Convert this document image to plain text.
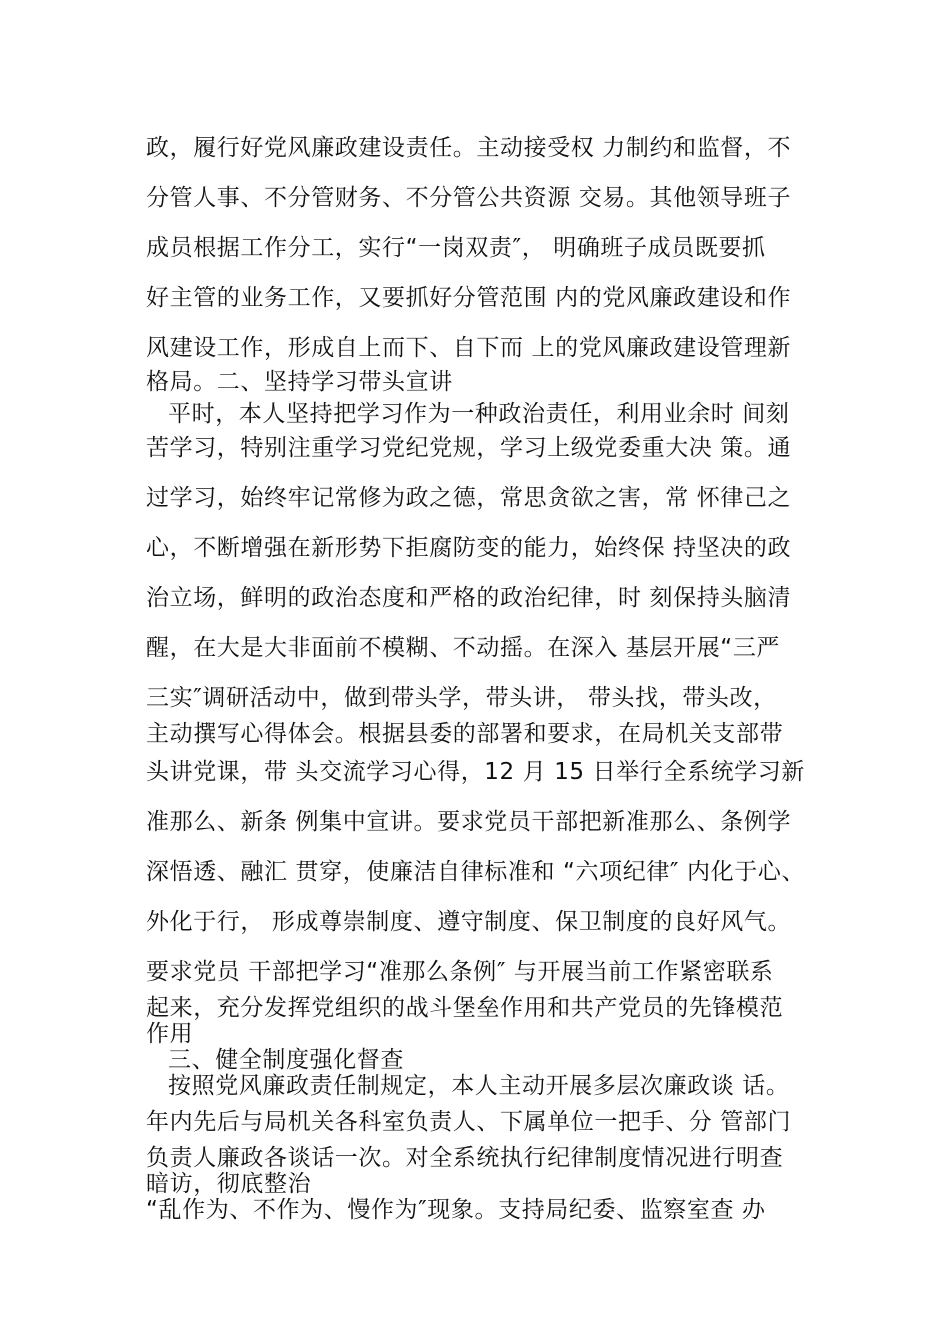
政，履行好党风廉政建设责任。主动接受权 力制约和监督，不
分管人事、不分管财务、不分管公共资源 交易。其他领导班子
成员根据工作分工，实行“一岗双责″， 明确班子成员既要抓
好主管的业务工作，又要抓好分管范围 内的党风廉政建设和作
风建设工作，形成自上而下、自下而 上的党风廉政建设管理新
格局。二、坚持学习带头宣讲
平时，本人坚持把学习作为一种政治责任，利用业余时 间刻
苦学习，特别注重学习党纪党规，学习上级党委重大决 策。通
过学习，始终牢记常修为政之德，常思贪欲之害，常 怀律己之
心，不断增强在新形势下拒腐防变的能力，始终保 持坚决的政
治立场，鲜明的政治态度和严格的政治纪律，时 刻保持头脑清
醒，在大是大非面前不模糊、不动摇。在深入 基层开展“三严
三实″调研活动中，做到带头学，带头讲， 带头找，带头改，
主动撰写心得体会。根据县委的部署和要求，在局机关支部带
头讲党课，带 头交流学习心得，12 月 15 日举行全系统学习新
准那么、新条 例集中宣讲。要求党员干部把新准那么、条例学
深悟透、融汇 贯穿，使廉洁自律标准和 “六项纪律″ 内化于心、
外化于行， 形成尊崇制度、遵守制度、保卫制度的良好风气。
要求党员 干部把学习“准那么条例″ 与开展当前工作紧密联系
起来，充分发挥党组织的战斗堡垒作用和共产党员的先锋模范
作用
三、健全制度强化督查
按照党风廉政责任制规定，本人主动开展多层次廉政谈 话。
年内先后与局机关各科室负责人、下属单位一把手、分 管部门
负责人廉政各谈话一次。对全系统执行纪律制度情况进行明查
暗访，彻底整治
“乱作为、不作为、慢作为″现象。支持局纪委、监察室查 办
